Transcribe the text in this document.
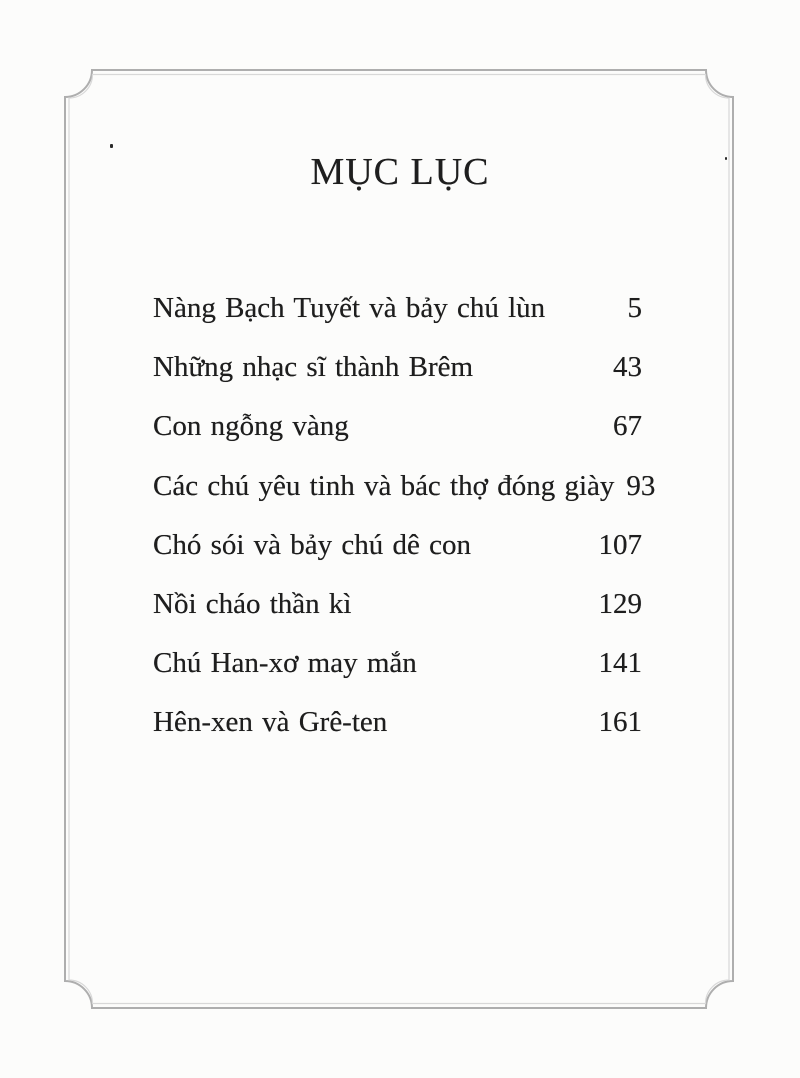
MỤC LỤC
Nàng Bạch Tuyết và bảy chú lùn	5
Những nhạc sĩ thành Brêm	43
Con ngỗng vàng	67
Các chú yêu tinh và bác thợ đóng giày 93
Chó sói và bảy chú dê con	107
Nồi cháo thần kì	129
Chú Han-xơ may mắn	141
Hên-xen và Grê-ten	161
